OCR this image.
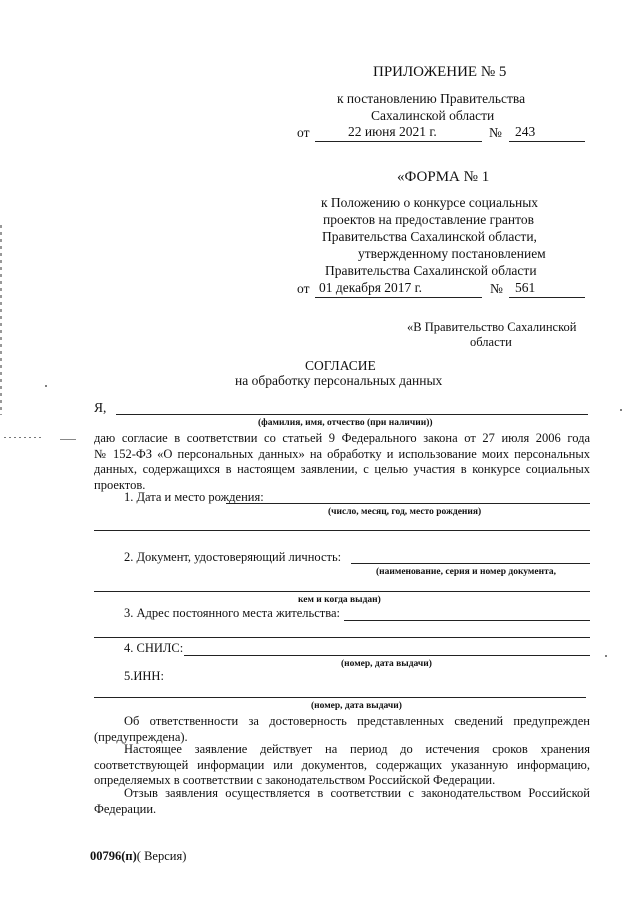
ПРИЛОЖЕНИЕ № 5
к постановлению Правительства
Сахалинской области
от	22 июня 2021 г.	№ 243
«ФОРМА № 1
к Положению о конкурсе социальных
проектов на предоставление грантов
Правительства Сахалинской области,
утвержденному постановлением
Правительства Сахалинской области
от 01 декабря 2017 г.	№ 561
«В Правительство Сахалинской
области
СОГЛАСИЕ
на обработку персональных данных
Я,
(фамилия, имя, отчество (при наличии))
даю согласие в соответствии со статьей 9 Федерального закона от 27 июля 2006 года
№ 152-ФЗ «О персональных данных» на обработку и использование моих персональных
данных, содержащихся в настоящем заявлении, с целью участия в конкурсе социальных
проектов.
1. Дата и место рождения:
(число, месяц, год, место рождения)
2. Документ, удостоверяющий личность:
(наименование, серия и номер документа,
кем и когда выдан)
3. Адрес постоянного места жительства:
4. СНИЛС:
(номер, дата выдачи)
5.ИНН:
(номер, дата выдачи)
Об ответственности за достоверность представленных сведений предупрежден
(предупреждена).
Настоящее заявление действует на период до истечения сроков хранения
соответствующей информации или документов, содержащих указанную информацию,
определяемых в соответствии с законодательством Российской Федерации.
Отзыв заявления осуществляется в соответствии с законодательством Российской
Федерации.
00796(п)( Версия)
